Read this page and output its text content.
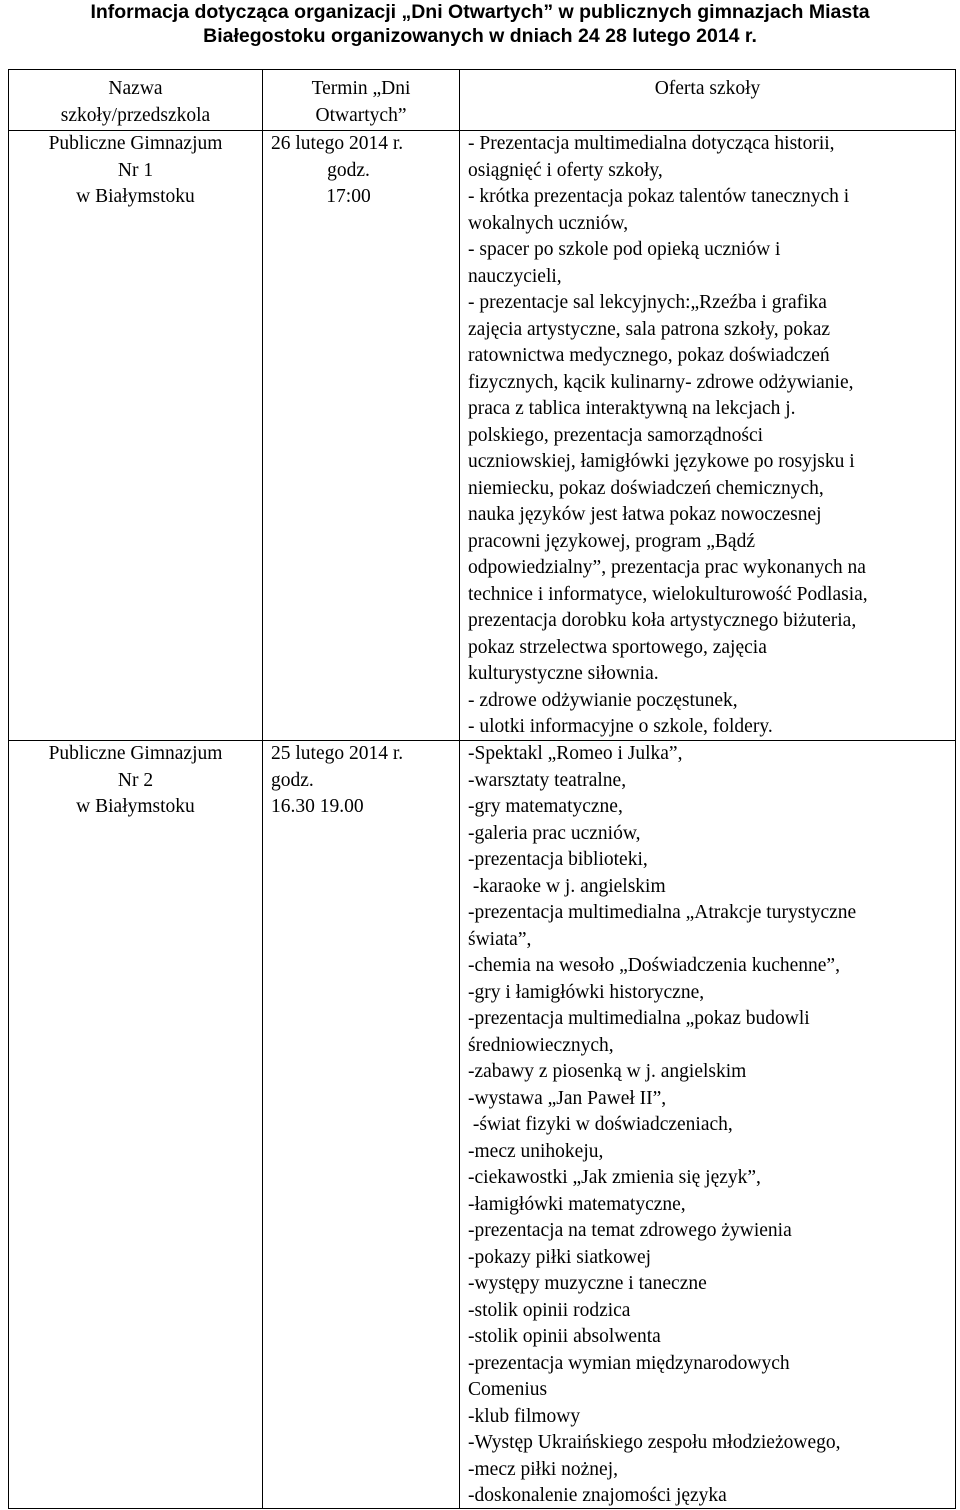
Informacja dotycząca organizacji „Dni Otwartych” w publicznych gimnazjach Miasta
Białegostoku organizowanych w dniach 24 28 lutego 2014 r.
Nazwa
szkoły/przedszkola
Termin „Dni
Otwartych”
Oferta szkoły
Publiczne Gimnazjum
Nr 1
w Białymstoku
26 lutego 2014 r.
godz.
17:00
- Prezentacja multimedialna dotycząca historii,
osiągnięć i oferty szkoły,
- krótka prezentacja pokaz talentów tanecznych i
wokalnych uczniów,
- spacer po szkole pod opieką uczniów i
nauczycieli,
- prezentacje sal lekcyjnych:„Rzeźba i grafika
zajęcia artystyczne, sala patrona szkoły, pokaz
ratownictwa medycznego, pokaz doświadczeń
fizycznych, kącik kulinarny- zdrowe odżywianie,
praca z tablica interaktywną na lekcjach j.
polskiego, prezentacja samorządności
uczniowskiej, łamigłówki językowe po rosyjsku i
niemiecku, pokaz doświadczeń chemicznych,
nauka języków jest łatwa pokaz nowoczesnej
pracowni językowej, program „Bądź
odpowiedzialny”, prezentacja prac wykonanych na
technice i informatyce, wielokulturowość Podlasia,
prezentacja dorobku koła artystycznego biżuteria,
pokaz strzelectwa sportowego, zajęcia
kulturystyczne siłownia.
- zdrowe odżywianie poczęstunek,
- ulotki informacyjne o szkole, foldery.
Publiczne Gimnazjum
Nr 2
w Białymstoku
25 lutego 2014 r.
godz.
16.30 19.00
-Spektakl „Romeo i Julka”,
-warsztaty teatralne,
-gry matematyczne,
-galeria prac uczniów,
-prezentacja biblioteki,
-karaoke w j. angielskim
-prezentacja multimedialna „Atrakcje turystyczne
świata”,
-chemia na wesoło „Doświadczenia kuchenne”,
-gry i łamigłówki historyczne,
-prezentacja multimedialna „pokaz budowli
średniowiecznych,
-zabawy z piosenką w j. angielskim
-wystawa „Jan Paweł II”,
-świat fizyki w doświadczeniach,
-mecz unihokeju,
-ciekawostki „Jak zmienia się język”,
-łamigłówki matematyczne,
-prezentacja na temat zdrowego żywienia
-pokazy piłki siatkowej
-występy muzyczne i taneczne
-stolik opinii rodzica
-stolik opinii absolwenta
-prezentacja wymian międzynarodowych
Comenius
-klub filmowy
-Występ Ukraińskiego zespołu młodzieżowego,
-mecz piłki nożnej,
-doskonalenie znajomości języka
